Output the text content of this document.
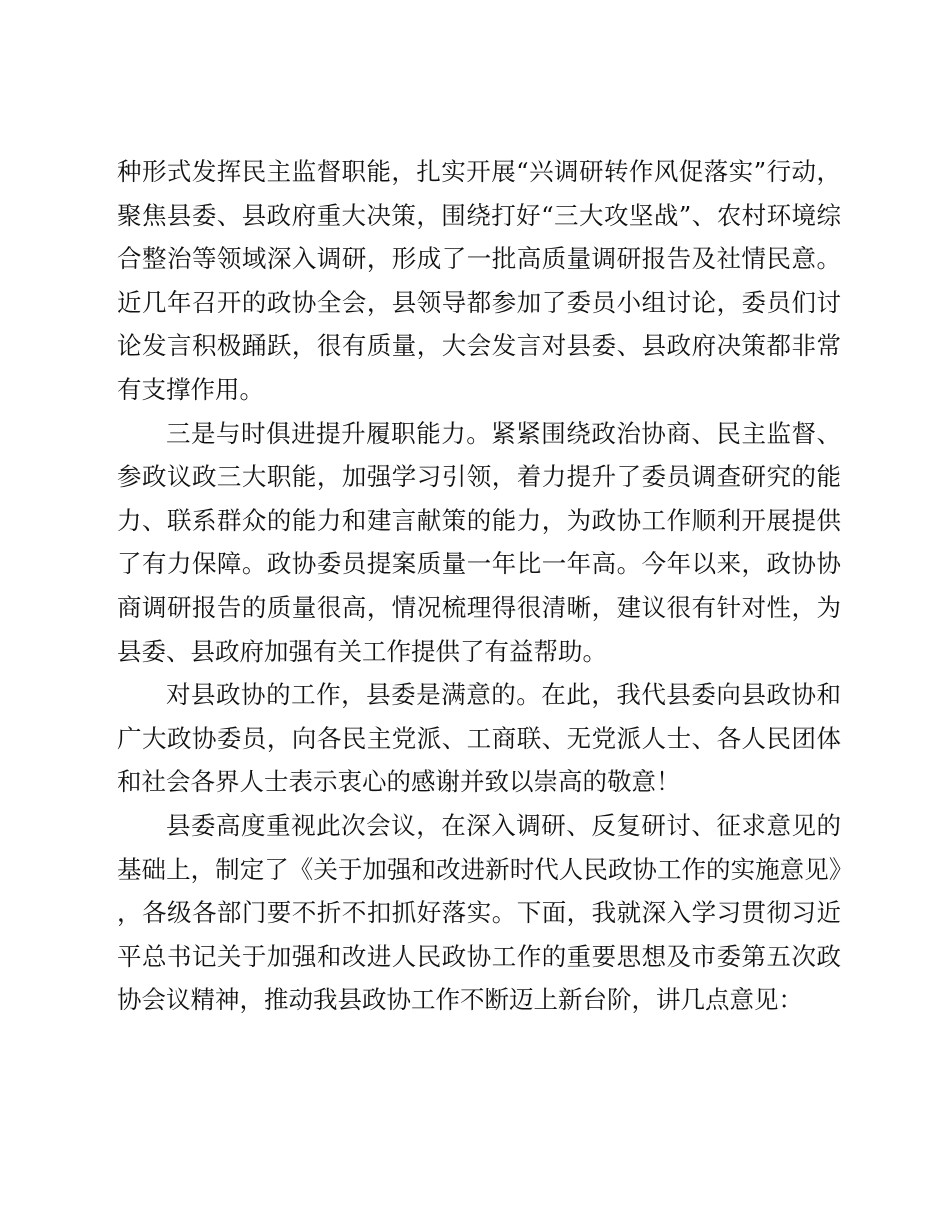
种形式发挥民主监督职能，扎实开展“兴调研转作风促落实”行动，聚焦县委、县政府重大决策，围绕打好“三大攻坚战”、农村环境综合整治等领域深入调研，形成了一批高质量调研报告及社情民意。近几年召开的政协全会，县领导都参加了委员小组讨论，委员们讨论发言积极踊跃，很有质量，大会发言对县委、县政府决策都非常有支撑作用。

三是与时俱进提升履职能力。紧紧围绕政治协商、民主监督、参政议政三大职能，加强学习引领，着力提升了委员调查研究的能力、联系群众的能力和建言献策的能力，为政协工作顺利开展提供了有力保障。政协委员提案质量一年比一年高。今年以来，政协协商调研报告的质量很高，情况梳理得很清晰，建议很有针对性，为县委、县政府加强有关工作提供了有益帮助。

对县政协的工作，县委是满意的。在此，我代县委向县政协和广大政协委员，向各民主党派、工商联、无党派人士、各人民团体和社会各界人士表示衷心的感谢并致以崇高的敬意！

县委高度重视此次会议，在深入调研、反复研讨、征求意见的基础上，制定了《关于加强和改进新时代人民政协工作的实施意见》，各级各部门要不折不扣抓好落实。下面，我就深入学习贯彻习近平总书记关于加强和改进人民政协工作的重要思想及市委第五次政协会议精神，推动我县政协工作不断迈上新台阶，讲几点意见：
